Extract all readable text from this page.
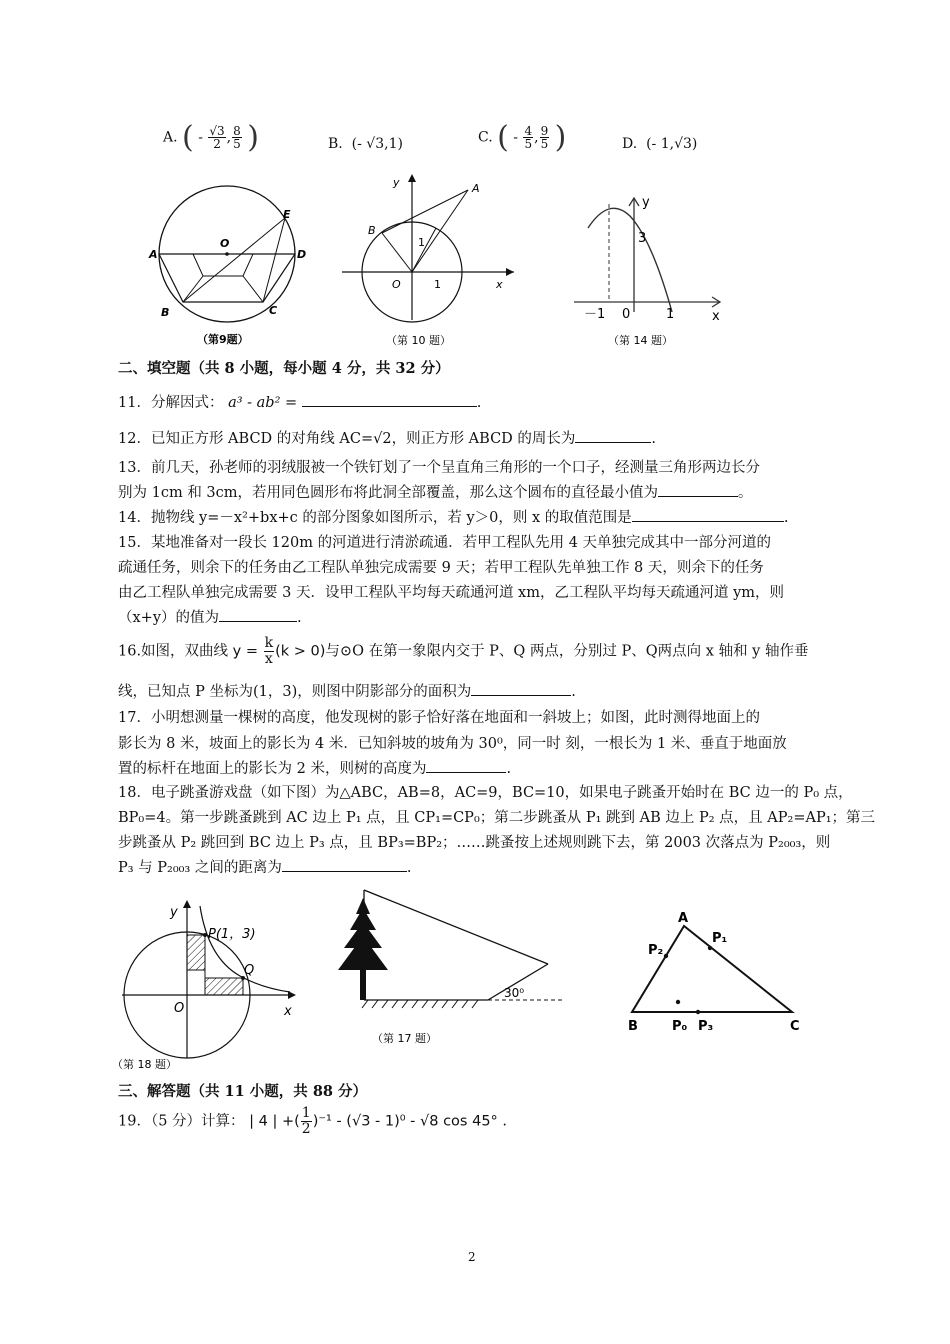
A. ( - $\frac{√3}{2}$ , $\frac{8}{5}$ )	B. (- √3,1)	C. ( - $\frac{4}{5}$ , $\frac{9}{5}$ )	D. (- 1,√3)
A
O
D
E
B	C
（第9题）
y	A
B
1
O	1	x
（第 10 题）
y
3
－1 0	1	x
（第 14 题）
二、填空题（共 8 小题，每小题 4 分，共 32 分）
11．分解因式： a³ - ab² =	.
12．已知正方形 ABCD 的对角线 AC=√2，则正方形 ABCD 的周长为	.
13．前几天，孙老师的羽绒服被一个铁钉划了一个呈直角三角形的一个口子，经测量三角形两边长分
别为 1cm 和 3cm，若用同色圆形布将此洞全部覆盖，那么这个圆布的直径最小值为	。
14．抛物线 y=－x²+bx+c 的部分图象如图所示，若 y＞0，则 x 的取值范围是	.
15．某地准备对一段长 120m 的河道进行清淤疏通．若甲工程队先用 4 天单独完成其中一部分河道的
疏通任务，则余下的任务由乙工程队单独完成需要 9 天；若甲工程队先单独工作 8 天，则余下的任务
由乙工程队单独完成需要 3 天．设甲工程队平均每天疏通河道 xm，乙工程队平均每天疏通河道 ym，则
（x+y）的值为	.
16.如图，双曲线 $y = \frac{k}{x} (k > 0)$与⊙O 在第一象限内交于 P、Q 两点，分别过 P、Q两点向 x 轴和 y 轴作垂
线，已知点 P 坐标为(1，3)，则图中阴影部分的面积为	.
17．小明想测量一棵树的高度，他发现树的影子恰好落在地面和一斜坡上；如图，此时测得地面上的
影长为 8 米，坡面上的影长为 4 米．已知斜坡的坡角为 30⁰，同一时 刻，一根长为 1 米、垂直于地面放
置的标杆在地面上的影长为 2 米，则树的高度为	.
18．电子跳蚤游戏盘（如下图）为△ABC，AB=8，AC=9，BC=10，如果电子跳蚤开始时在 BC 边一的 P₀ 点，
BP₀=4。第一步跳蚤跳到 AC 边上 P₁ 点，且 CP₁=CP₀；第二步跳蚤从 P₁ 跳到 AB 边上 P₂ 点，且 AP₂=AP₁；第三
步跳蚤从 P₂ 跳回到 BC 边上 P₃ 点，且 BP₃=BP₂；……跳蚤按上述规则跳下去，第 2003 次落点为 P₂₀₀₃，则
P₃ 与 P₂₀₀₃ 之间的距离为	.
y
P(1，3)
Q
O	x
（第 18 题）
30⁰
（第 17 题）
A
P₁
P₂
B	P₀ P₃	C
三、解答题（共 11 小题，共 88 分）
19．（5 分）计算： | 4 | +( $\frac{1}{2} )^{-1} - (√3 - 1)^0 - √8$ cos 45° .
2
